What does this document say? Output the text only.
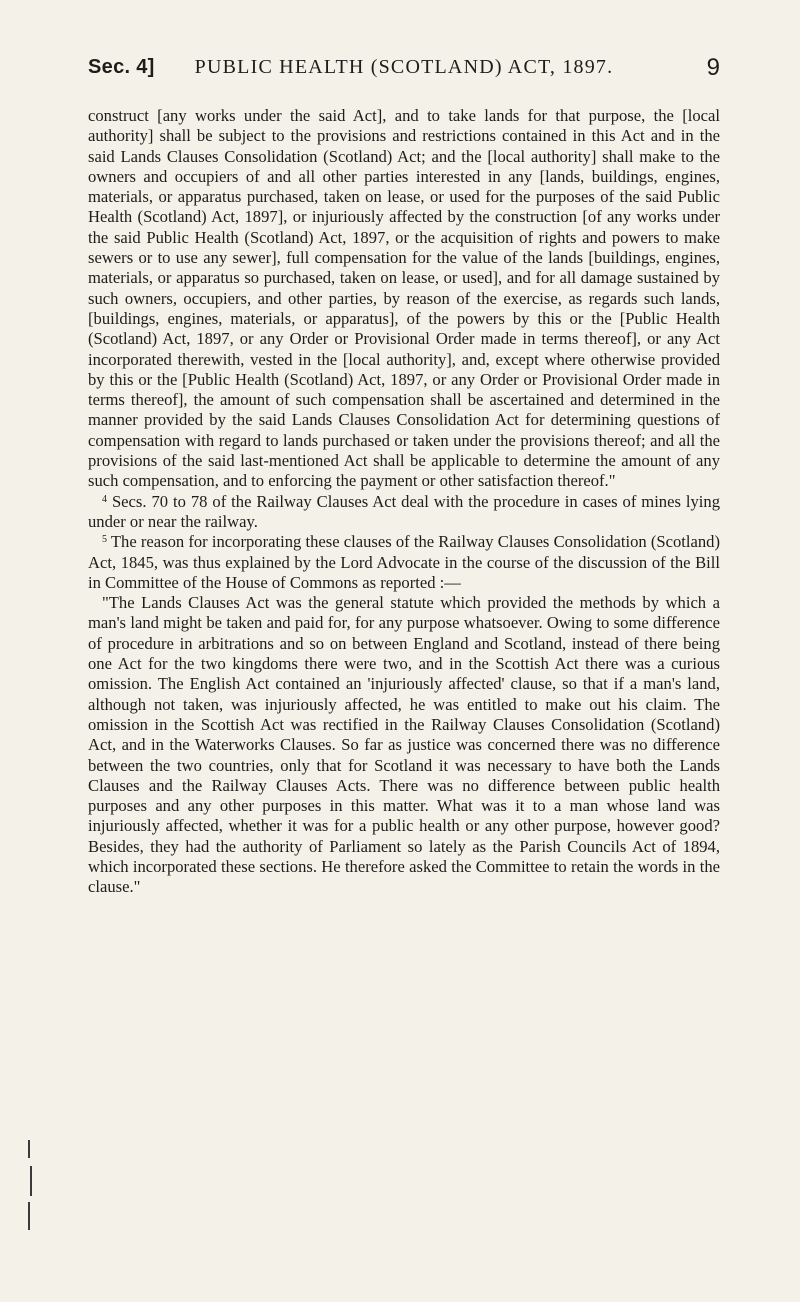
Sec. 4]	PUBLIC HEALTH (SCOTLAND) ACT, 1897.	9

construct [any works under the said Act], and to take lands for that purpose, the [local authority] shall be subject to the provisions and restrictions contained in this Act and in the said Lands Clauses Consolidation (Scotland) Act; and the [local authority] shall make to the owners and occupiers of and all other parties interested in any [lands, buildings, engines, materials, or apparatus purchased, taken on lease, or used for the purposes of the said Public Health (Scotland) Act, 1897], or injuriously affected by the construction [of any works under the said Public Health (Scotland) Act, 1897, or the acquisition of rights and powers to make sewers or to use any sewer], full compensation for the value of the lands [buildings, engines, materials, or apparatus so purchased, taken on lease, or used], and for all damage sustained by such owners, occupiers, and other parties, by reason of the exercise, as regards such lands, [buildings, engines, materials, or apparatus], of the powers by this or the [Public Health (Scotland) Act, 1897, or any Order or Provisional Order made in terms thereof], or any Act incorporated therewith, vested in the [local authority], and, except where otherwise provided by this or the [Public Health (Scotland) Act, 1897, or any Order or Provisional Order made in terms thereof], the amount of such compensation shall be ascertained and determined in the manner provided by the said Lands Clauses Consolidation Act for determining questions of compensation with regard to lands purchased or taken under the provisions thereof; and all the provisions of the said last-mentioned Act shall be applicable to determine the amount of any such compensation, and to enforcing the payment or other satisfaction thereof."

$^4$ Secs. 70 to 78 of the Railway Clauses Act deal with the procedure in cases of mines lying under or near the railway.

$^5$ The reason for incorporating these clauses of the Railway Clauses Consolidation (Scotland) Act, 1845, was thus explained by the Lord Advocate in the course of the discussion of the Bill in Committee of the House of Commons as reported :—

"The Lands Clauses Act was the general statute which provided the methods by which a man's land might be taken and paid for, for any purpose whatsoever. Owing to some difference of procedure in arbitrations and so on between England and Scotland, instead of there being one Act for the two kingdoms there were two, and in the Scottish Act there was a curious omission. The English Act contained an 'injuriously affected' clause, so that if a man's land, although not taken, was injuriously affected, he was entitled to make out his claim. The omission in the Scottish Act was rectified in the Railway Clauses Consolidation (Scotland) Act, and in the Waterworks Clauses. So far as justice was concerned there was no difference between the two countries, only that for Scotland it was necessary to have both the Lands Clauses and the Railway Clauses Acts. There was no difference between public health purposes and any other purposes in this matter. What was it to a man whose land was injuriously affected, whether it was for a public health or any other purpose, however good? Besides, they had the authority of Parliament so lately as the Parish Councils Act of 1894, which incorporated these sections. He therefore asked the Committee to retain the words in the clause."
